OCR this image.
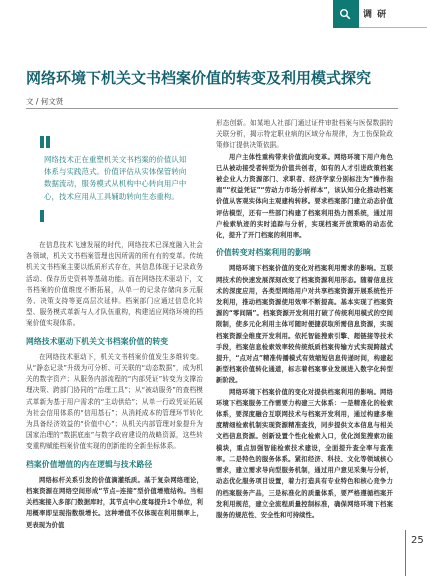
调 研
网络环境下机关文书档案价值的转变及利用模式探究
文 / 何文贤
网络技术正在重塑机关文书档案的价值认知体系与实践范式。价值评估从实体保管转向数据流动，服务模式从机构中心转向用户中心，技术应用从工具辅助转向生态重构。

在信息技术飞速发展的时代，网络技术已深度融入社会各领域，机关文书档案管理也因所需的所有有的变革。传统机关文书档案主要以纸质形式存在，其信息体现于记录政务活动、保存历史资料等基础功能。而在网络技术驱动下，文书档案的价值维度不断拓展，从单一的记录存储向多元服务、决策支持等更高层次延伸。档案部门应通过信息化转型、服务模式革新与人才队伍重构，构建适应网络环境的档案价值实现体系。

网络技术驱动下机关文书档案价值的转变

在网络技术驱动下，机关文书档案价值发生多维转变。从“静态记录”升级为可分析、可关联的“动态数据”，成为机关的数字资产；从服务内部流程的“内部凭证”转变为支撑治理决策、跨部门协同的“治理工具”；从“被动服务”的查档模式革新为基于用户需求的“主动供给”；从单一行政凭证拓展为社会信用体系的“信用基石”；从消耗成本的管理环节转化为具备经济效益的“价值中心”；从机关内部管理对象提升为国家治理的“数据底座”与数字政府建设的战略资源，这些转变重构赋能档案价值实现的创新能的全新坐标体系。

档案价值增值的内在逻辑与技术路径

网络标杆关系引发的价值滴灌纸质。基于复杂网络理论，档案资源在网络空间形成“节点—连接”型价值增殖结构。当相关档案接入多部门数据库时，其节点中心度每提升1个单位，利用概率即呈现指数级增长。这种增值不仅体现在利用频率上，更表现为价值

形态创新。如某地人社部门通过证件审批档案与医保数据的关联分析，揭示特定职业病的区域分布规律，为工伤保险政策修订提供决策依据。

用户主体性重构带来价值流向变革。网络环境下用户角色已从被动接受者转型为价值共创者，如有的人才引进政策档案被企业人力资源部门、求职者、经济学家分别标注为“操作指南”“权益凭证”“劳动力市场分析样本”，该认知分化推动档案价值从客观实体向主观建构转移。要求档案部门建立动态价值评估模型，还有一些部门构建了档案利用热力图系统，通过用户检索轨迹的实时追踪与分析，实现档案开放策略的动态优化，提升了开门档案的利用率。

价值转变对档案利用的影响

网络环境下档案价值的变化对档案利用需求的影响。互联网技术的快速发展深刻改变了档案资源利用形态。随着信息技术的深度应用，各类型网络用户对共享档案资源开展系统性开发利用，推动档案资源使用效率不断提高。基本实现了档案资源的“零间隔”。档案资源开发利用打破了传统利用模式的空间限制，使多元化利用主体可随时便捷获取所需信息资源，实现档案资源全维度开发利用。依托智能搜索引擎、超链接等技术手段，档案信息检索效率较传统纸质档案传输方式实现跨越式提升，“点对点”精准传播模式有效缩短信息传递时间，构建起新型档案价值转化通道，标志着档案事业发展进入数字化转型新阶段。

网络环境下档案价值的变化对提供档案利用的影响。网络环境下档案服务工作需要力构建三大体系：一是精准化的检索体系，要深度融合互联网技术与档案开发利用，通过构建多维度精细检索机制实现资源精准查找，同步提供文本信息与相关文档信息资源。创新设置个性化检索入口，优化浏览搜索功能模块，重点加强智能检索技术建设，全面提升查全率与查准率。二是特色的服务体系。紧扣经济、科技、文化等领域核心需求，建立需求导向型服务机制，通过用户意见采集与分析，动态优化服务项目设置，着力打造具有专业特色和核心竞争力的档案服务产品，三是标准化的质量体系，要严格遵循档案开发利用规范，建立全流程质量控制标准，确保网络环境下档案服务的规范性、安全性和可持续性。

25
